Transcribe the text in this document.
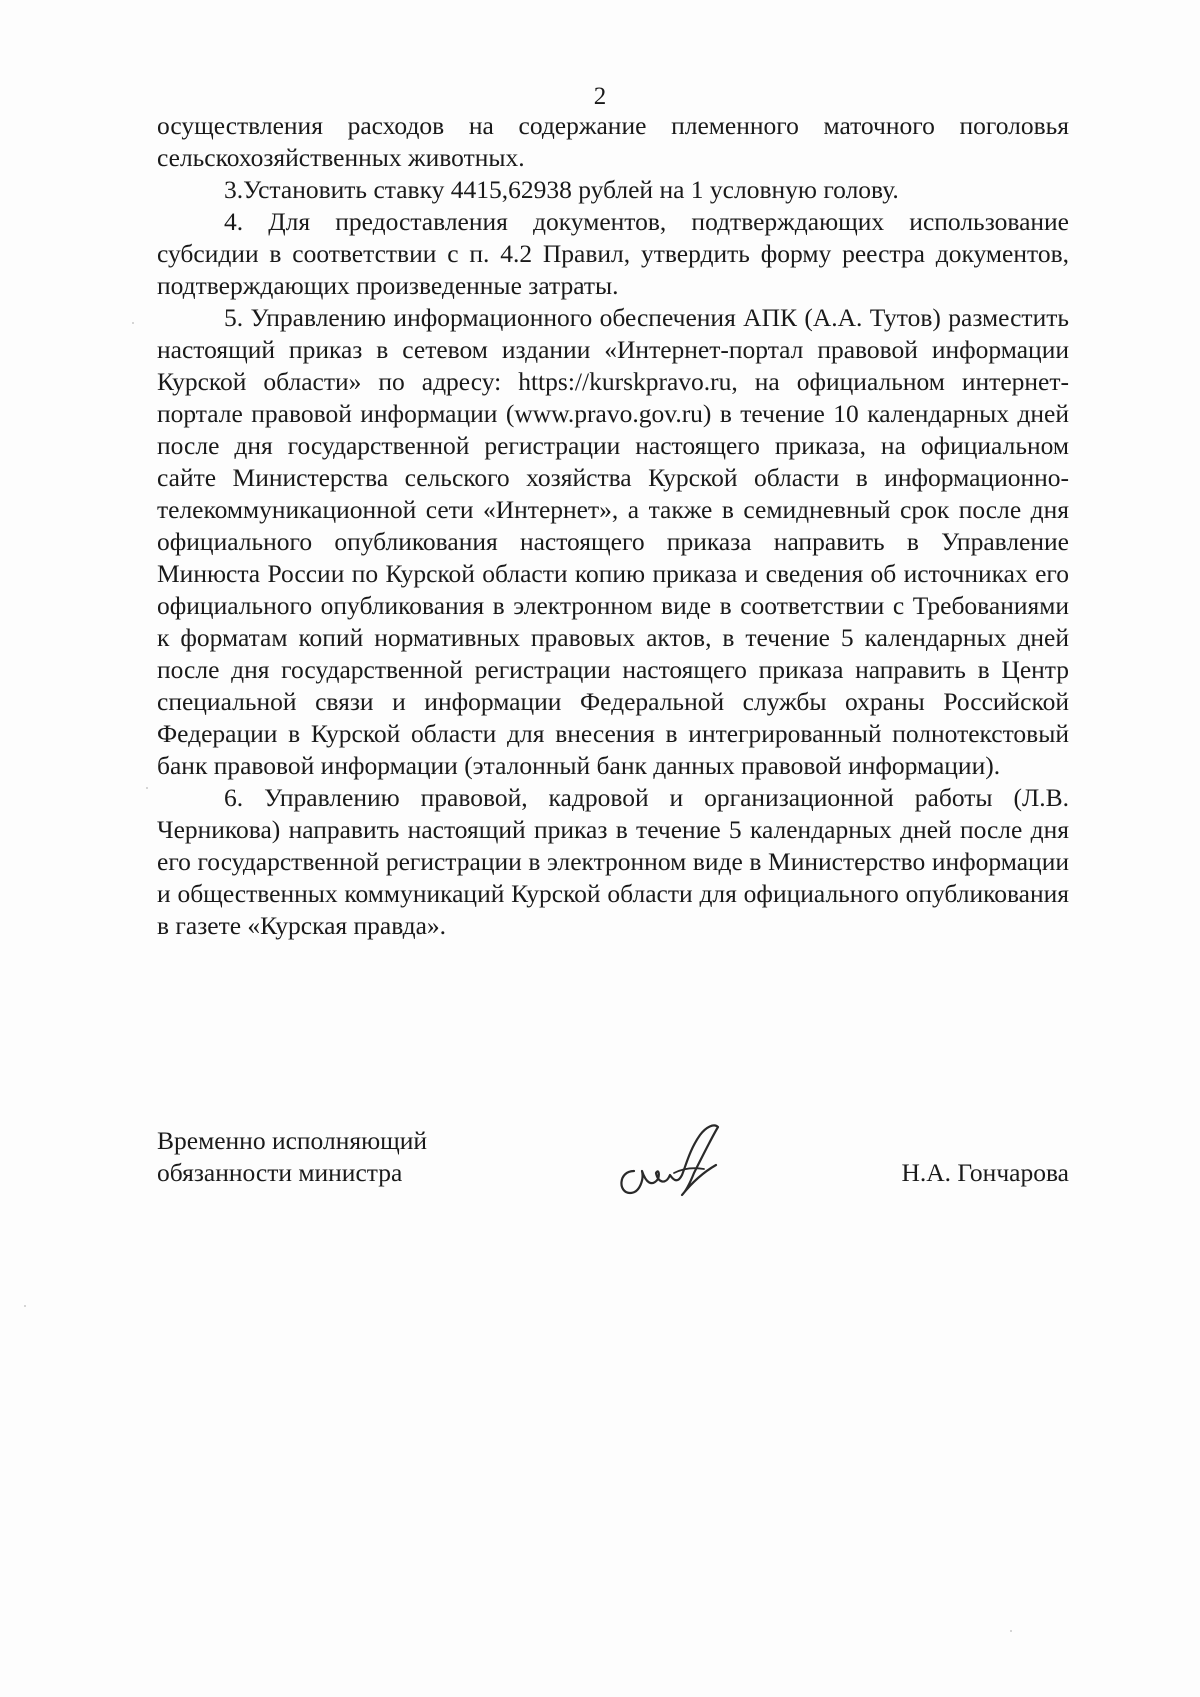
2

осуществления расходов на содержание племенного маточного поголовья сельскохозяйственных животных.

3.Установить ставку 4415,62938 рублей на 1 условную голову.

4. Для предоставления документов, подтверждающих использование субсидии в соответствии с п. 4.2 Правил, утвердить форму реестра документов, подтверждающих произведенные затраты.

5. Управлению информационного обеспечения АПК (А.А. Тутов) разместить настоящий приказ в сетевом издании «Интернет-портал правовой информации Курской области» по адресу: https://kurskpravo.ru, на официальном интернет-портале правовой информации (www.pravo.gov.ru) в течение 10 календарных дней после дня государственной регистрации настоящего приказа, на официальном сайте Министерства сельского хозяйства Курской области в информационно-телекоммуникационной сети «Интернет», а также в семидневный срок после дня официального опубликования настоящего приказа направить в Управление Минюста России по Курской области копию приказа и сведения об источниках его официального опубликования в электронном виде в соответствии с Требованиями к форматам копий нормативных правовых актов, в течение 5 календарных дней после дня государственной регистрации настоящего приказа направить в Центр специальной связи и информации Федеральной службы охраны Российской Федерации в Курской области для внесения в интегрированный полнотекстовый банк правовой информации (эталонный банк данных правовой информации).

6. Управлению правовой, кадровой и организационной работы (Л.В. Черникова) направить настоящий приказ в течение 5 календарных дней после дня его государственной регистрации в электронном виде в Министерство информации и общественных коммуникаций Курской области для официального опубликования в газете «Курская правда».

Временно исполняющий
обязанности министра	Н.А. Гончарова
